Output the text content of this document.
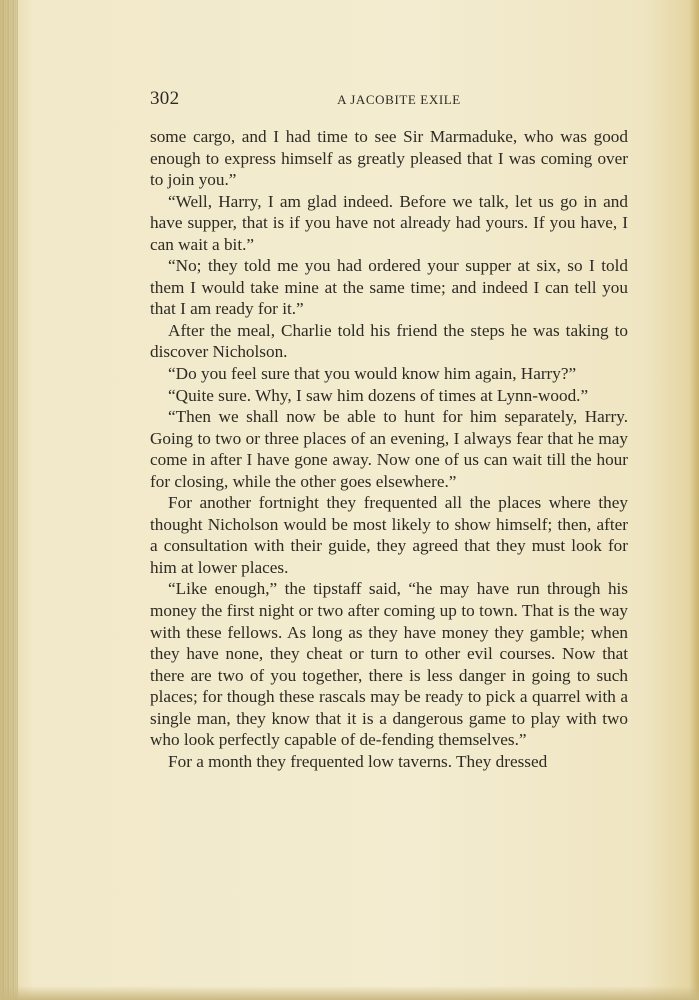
302	A JACOBITE EXILE

some cargo, and I had time to see Sir Marmaduke, who was good enough to express himself as greatly pleased that I was coming over to join you.”

“Well, Harry, I am glad indeed. Before we talk, let us go in and have supper, that is if you have not already had yours. If you have, I can wait a bit.”

“No; they told me you had ordered your supper at six, so I told them I would take mine at the same time; and indeed I can tell you that I am ready for it.”

After the meal, Charlie told his friend the steps he was taking to discover Nicholson.

“Do you feel sure that you would know him again, Harry?”

“Quite sure. Why, I saw him dozens of times at Lynn-wood.”

“Then we shall now be able to hunt for him separately, Harry. Going to two or three places of an evening, I always fear that he may come in after I have gone away. Now one of us can wait till the hour for closing, while the other goes elsewhere.”

For another fortnight they frequented all the places where they thought Nicholson would be most likely to show himself; then, after a consultation with their guide, they agreed that they must look for him at lower places.

“Like enough,” the tipstaff said, “he may have run through his money the first night or two after coming up to town. That is the way with these fellows. As long as they have money they gamble; when they have none, they cheat or turn to other evil courses. Now that there are two of you together, there is less danger in going to such places; for though these rascals may be ready to pick a quarrel with a single man, they know that it is a dangerous game to play with two who look perfectly capable of de-fending themselves.”

For a month they frequented low taverns. They dressed
